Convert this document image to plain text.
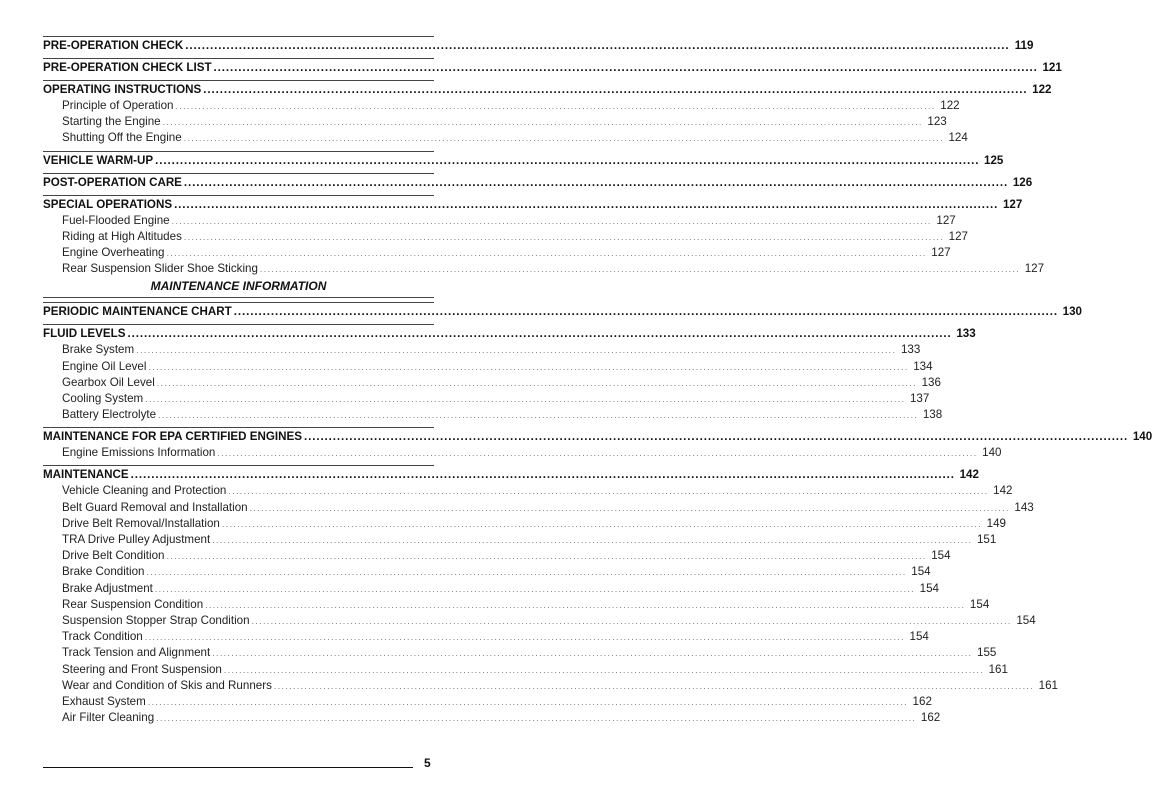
PRE-OPERATION CHECK ........................................................................................................................................................................................................ 119
PRE-OPERATION CHECK LIST ........................................................................................................................................................................................................ 121
OPERATING INSTRUCTIONS ........................................................................................................................................................................................................ 122
Principle of Operation ........................................................................................................................................................................................................ 122
Starting the Engine ........................................................................................................................................................................................................ 123
Shutting Off the Engine ........................................................................................................................................................................................................ 124
VEHICLE WARM-UP ........................................................................................................................................................................................................ 125
POST-OPERATION CARE ........................................................................................................................................................................................................ 126
SPECIAL OPERATIONS ........................................................................................................................................................................................................ 127
Fuel-Flooded Engine ........................................................................................................................................................................................................ 127
Riding at High Altitudes ........................................................................................................................................................................................................ 127
Engine Overheating ........................................................................................................................................................................................................ 127
Rear Suspension Slider Shoe Sticking ........................................................................................................................................................................................................ 127
MAINTENANCE INFORMATION
PERIODIC MAINTENANCE CHART ........................................................................................................................................................................................................ 130
FLUID LEVELS ........................................................................................................................................................................................................ 133
Brake System ........................................................................................................................................................................................................ 133
Engine Oil Level ........................................................................................................................................................................................................ 134
Gearbox Oil Level ........................................................................................................................................................................................................ 136
Cooling System ........................................................................................................................................................................................................ 137
Battery Electrolyte ........................................................................................................................................................................................................ 138
MAINTENANCE FOR EPA CERTIFIED ENGINES ........................................................................................................................................................................................................ 140
Engine Emissions Information ........................................................................................................................................................................................................ 140
MAINTENANCE ........................................................................................................................................................................................................ 142
Vehicle Cleaning and Protection ........................................................................................................................................................................................................ 142
Belt Guard Removal and Installation ........................................................................................................................................................................................................ 143
Drive Belt Removal/Installation ........................................................................................................................................................................................................ 149
TRA Drive Pulley Adjustment ........................................................................................................................................................................................................ 151
Drive Belt Condition ........................................................................................................................................................................................................ 154
Brake Condition ........................................................................................................................................................................................................ 154
Brake Adjustment ........................................................................................................................................................................................................ 154
Rear Suspension Condition ........................................................................................................................................................................................................ 154
Suspension Stopper Strap Condition ........................................................................................................................................................................................................ 154
Track Condition ........................................................................................................................................................................................................ 154
Track Tension and Alignment ........................................................................................................................................................................................................ 155
Steering and Front Suspension ........................................................................................................................................................................................................ 161
Wear and Condition of Skis and Runners ........................................................................................................................................................................................................ 161
Exhaust System ........................................................................................................................................................................................................ 162
Air Filter Cleaning ........................................................................................................................................................................................................ 162
5
